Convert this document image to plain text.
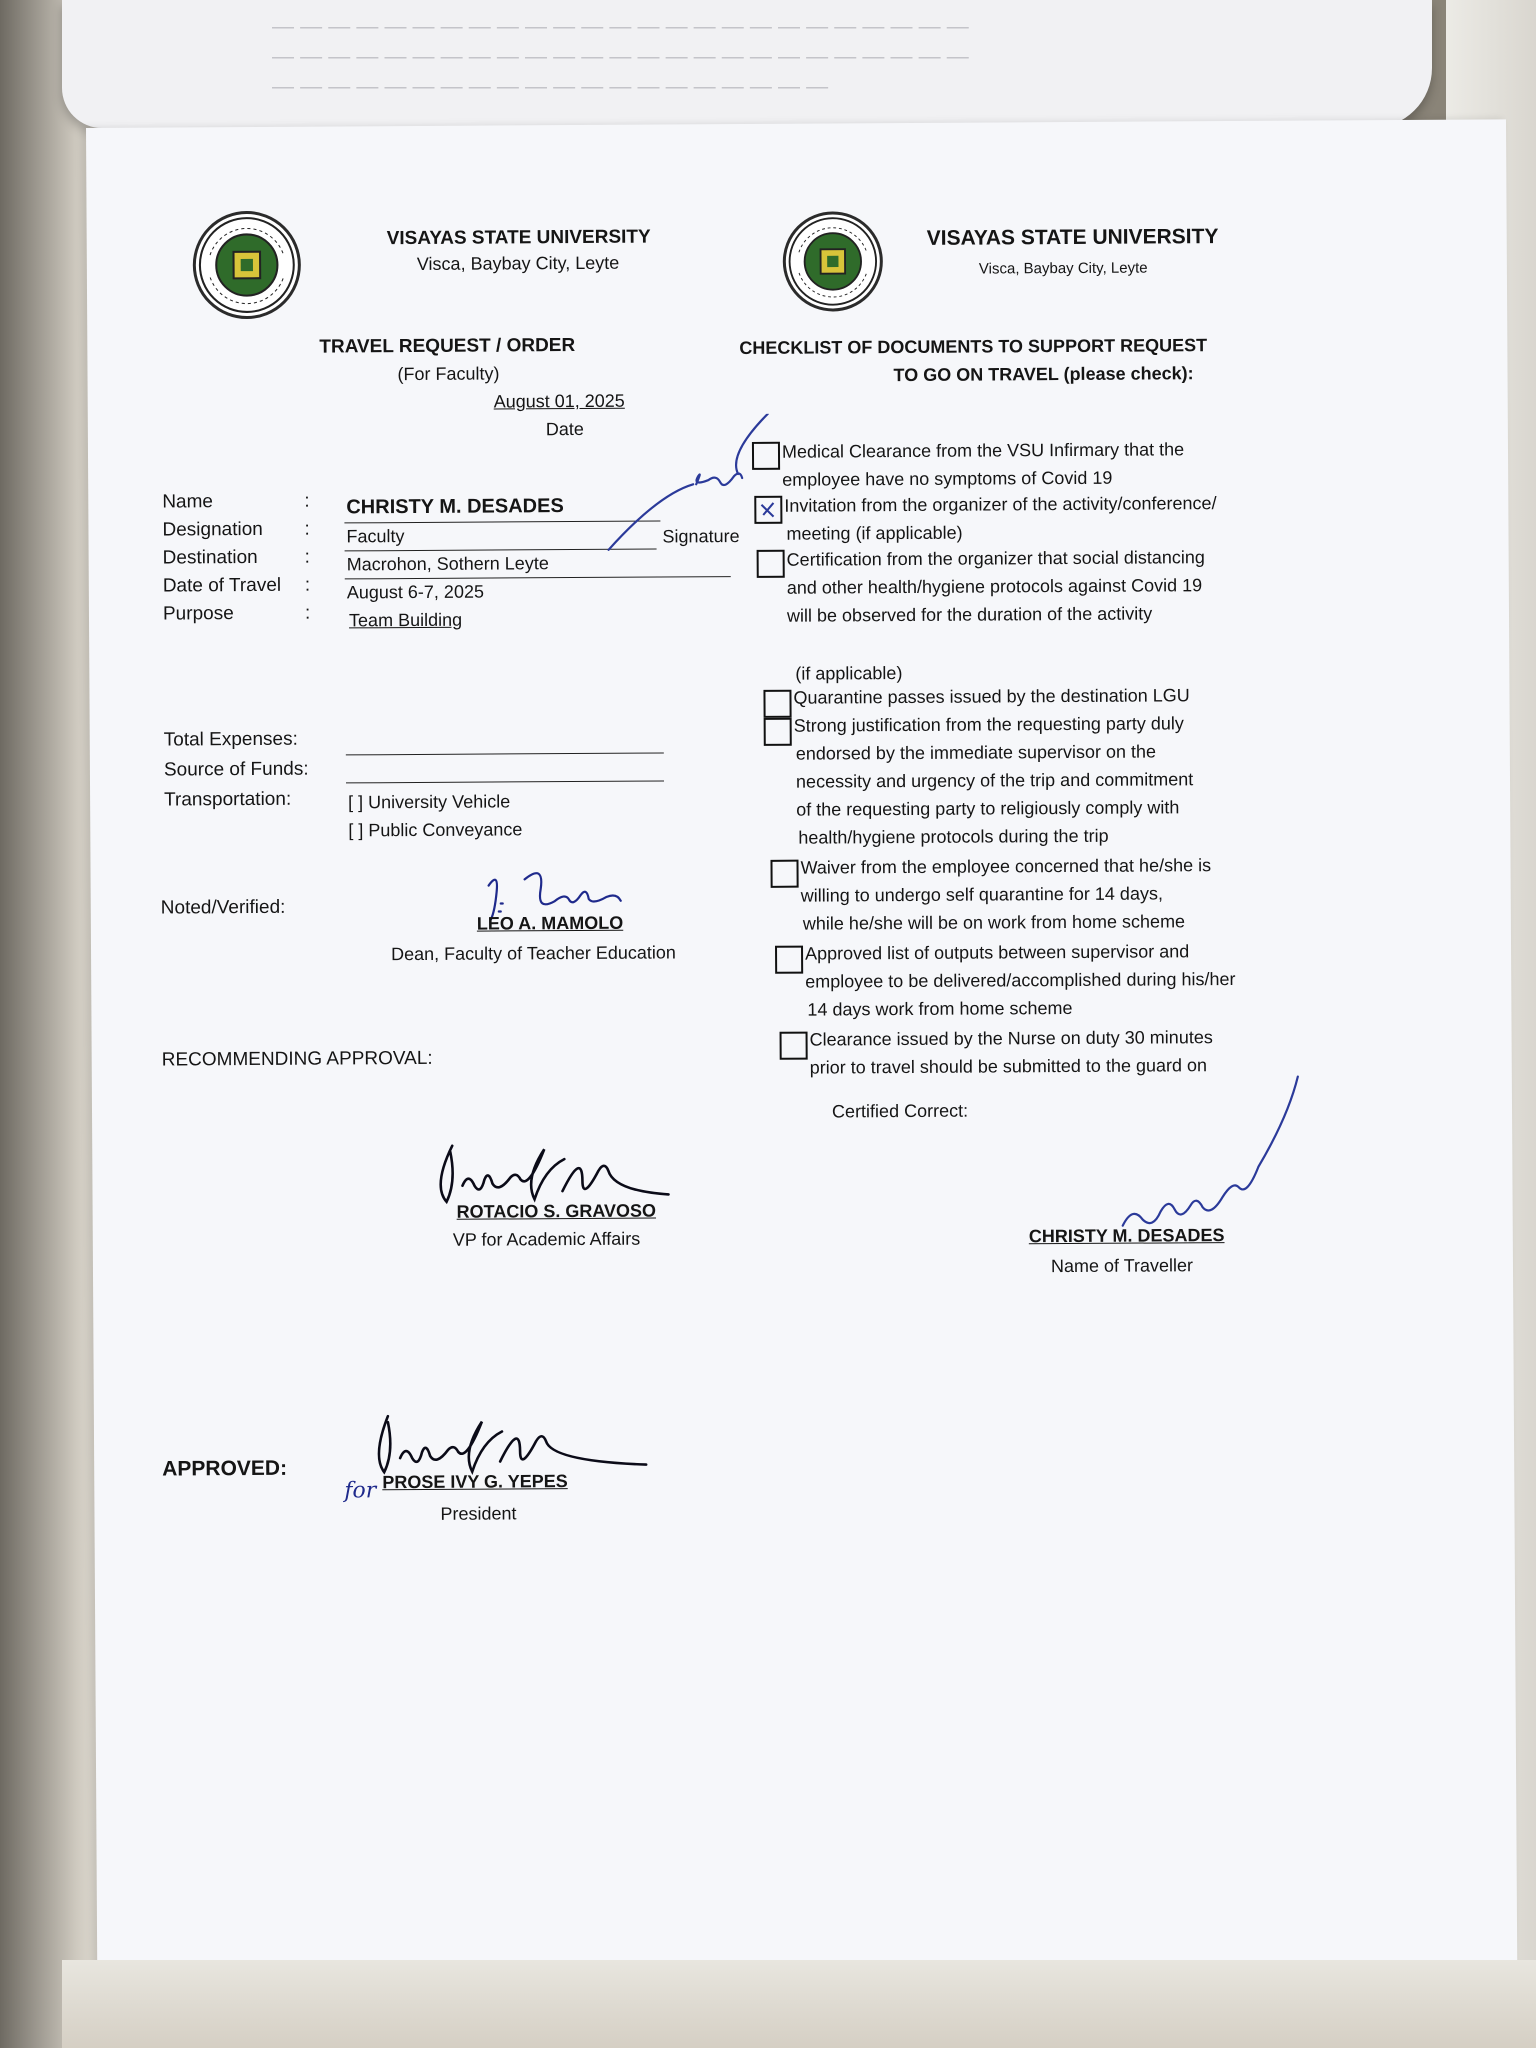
— — — — — — — — — — — — — — — — — — — —
— — — — — — — — — — — — — — — — — — — — — — — — —
— — — — — — — — — — — — — — — — — — — — — — — — —
VISAYAS STATE UNIVERSITY
Visca, Baybay City, Leyte
VISAYAS STATE UNIVERSITY
Visca, Baybay City, Leyte
TRAVEL REQUEST / ORDER
(For Faculty)
August 01, 2025
Date
CHECKLIST OF DOCUMENTS TO SUPPORT REQUEST
TO GO ON TRAVEL (please check):
Name
Designation
Destination
Date of Travel
Purpose
:
:
:
:
:
CHRISTY M. DESADES
Faculty
Macrohon, Sothern Leyte
August 6-7, 2025
Team Building
Signature
Medical Clearance from the VSU Infirmary that the
employee have no symptoms of Covid 19
Invitation from the organizer of the activity/conference/
meeting (if applicable)
Certification from the organizer that social distancing
and other health/hygiene protocols against Covid 19
will be observed for the duration of the activity
(if applicable)
Quarantine passes issued by the destination LGU
Strong justification from the requesting party duly
endorsed by the immediate supervisor on the
necessity and urgency of the trip and commitment
of the requesting party to religiously comply with
health/hygiene protocols during the trip
Waiver from the employee concerned that he/she is
willing to undergo self quarantine for 14 days,
while he/she will be on work from home scheme
Approved list of outputs between supervisor and
employee to be delivered/accomplished during his/her
14 days work from home scheme
Clearance issued by the Nurse on duty 30 minutes
prior to travel should be submitted to the guard on
Total Expenses:
Source of Funds:
Transportation:	[ ] University Vehicle
[ ] Public Conveyance
Noted/Verified:
LEO A. MAMOLO
Dean, Faculty of Teacher Education
RECOMMENDING APPROVAL:
Certified Correct:
ROTACIO S. GRAVOSO
VP for Academic Affairs	CHRISTY M. DESADES
Name of Traveller
APPROVED:
for PROSE IVY G. YEPES
President
